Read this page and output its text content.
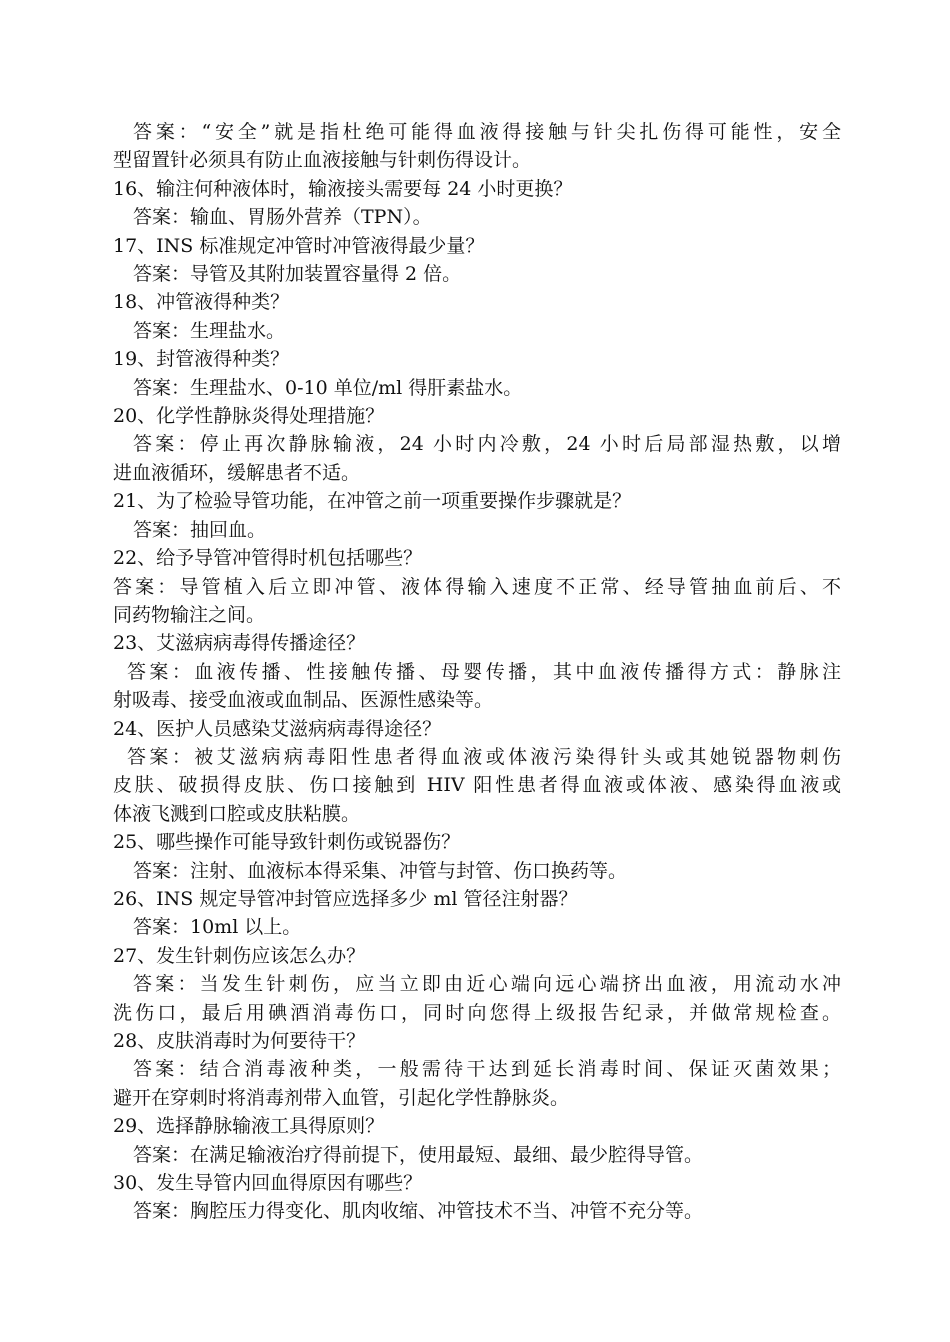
答案：“安全”就是指杜绝可能得血液得接触与针尖扎伤得可能性，安全
型留置针必须具有防止血液接触与针刺伤得设计。
16、输注何种液体时，输液接头需要每 24 小时更换？
答案：输血、胃肠外营养（TPN）。
17、INS 标准规定冲管时冲管液得最少量？
答案：导管及其附加装置容量得 2 倍。
18、冲管液得种类？
答案：生理盐水。
19、封管液得种类？
答案：生理盐水、0-10 单位/ml 得肝素盐水。
20、化学性静脉炎得处理措施？
答案：停止再次静脉输液，24 小时内冷敷，24 小时后局部湿热敷，以增
进血液循环，缓解患者不适。
21、为了检验导管功能，在冲管之前一项重要操作步骤就是？
答案：抽回血。
22、给予导管冲管得时机包括哪些？
答案：导管植入后立即冲管、液体得输入速度不正常、经导管抽血前后、不
同药物输注之间。
23、艾滋病病毒得传播途径？
答案：血液传播、性接触传播、母婴传播，其中血液传播得方式：静脉注
射吸毒、接受血液或血制品、医源性感染等。
24、医护人员感染艾滋病病毒得途径？
答案：被艾滋病病毒阳性患者得血液或体液污染得针头或其她锐器物刺伤
皮肤、破损得皮肤、伤口接触到 HIV 阳性患者得血液或体液、感染得血液或
体液飞溅到口腔或皮肤粘膜。
25、哪些操作可能导致针刺伤或锐器伤？
答案：注射、血液标本得采集、冲管与封管、伤口换药等。
26、INS 规定导管冲封管应选择多少 ml 管径注射器？
答案：10ml 以上。
27、发生针刺伤应该怎么办？
答案：当发生针刺伤，应当立即由近心端向远心端挤出血液，用流动水冲
洗伤口，最后用碘酒消毒伤口，同时向您得上级报告纪录，并做常规检查。
28、皮肤消毒时为何要待干？
答案：结合消毒液种类，一般需待干达到延长消毒时间、保证灭菌效果；
避开在穿刺时将消毒剂带入血管，引起化学性静脉炎。
29、选择静脉输液工具得原则？
答案：在满足输液治疗得前提下，使用最短、最细、最少腔得导管。
30、发生导管内回血得原因有哪些？
答案：胸腔压力得变化、肌肉收缩、冲管技术不当、冲管不充分等。
